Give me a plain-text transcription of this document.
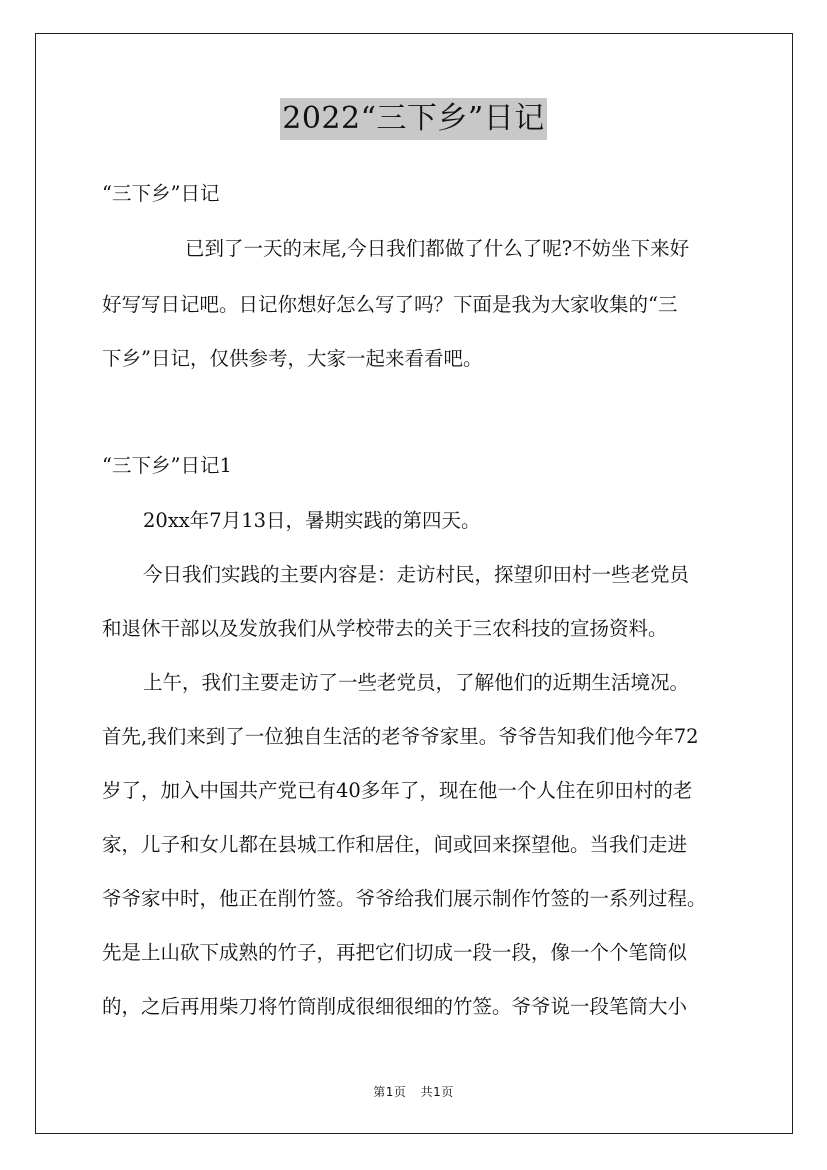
2022“三下乡”日记
“三下乡”日记
已到了一天的末尾,今日我们都做了什么了呢?不妨坐下来好
好写写日记吧。日记你想好怎么写了吗？下面是我为大家收集的“三
下乡”日记，仅供参考，大家一起来看看吧。
“三下乡”日记1
20xx年7月13日，暑期实践的第四天。
今日我们实践的主要内容是：走访村民，探望卯田村一些老党员
和退休干部以及发放我们从学校带去的关于三农科技的宣扬资料。
上午，我们主要走访了一些老党员，了解他们的近期生活境况。
首先,我们来到了一位独自生活的老爷爷家里。爷爷告知我们他今年72
岁了，加入中国共产党已有40多年了，现在他一个人住在卯田村的老
家，儿子和女儿都在县城工作和居住，间或回来探望他。当我们走进
爷爷家中时，他正在削竹签。爷爷给我们展示制作竹签的一系列过程。
先是上山砍下成熟的竹子，再把它们切成一段一段，像一个个笔筒似
的，之后再用柴刀将竹筒削成很细很细的竹签。爷爷说一段笔筒大小
第1页 共1页
